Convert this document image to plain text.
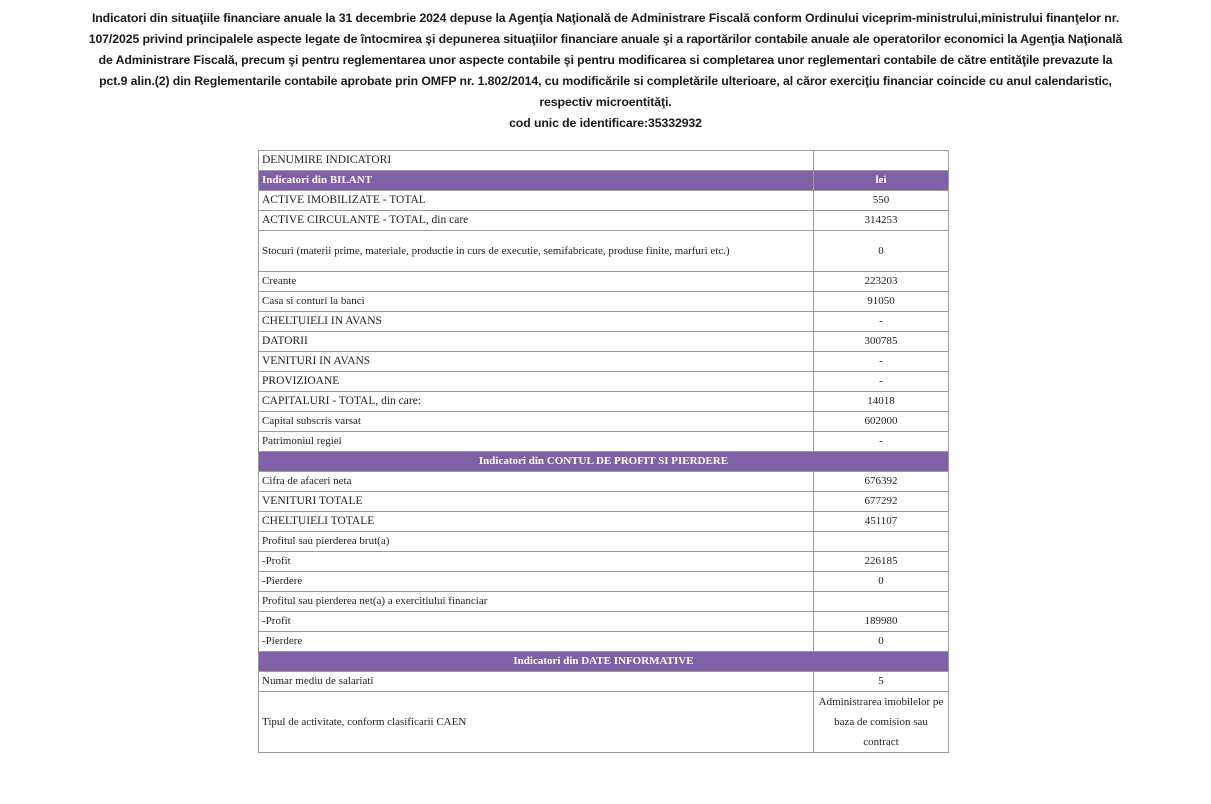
Indicatori din situaţiile financiare anuale la 31 decembrie 2024 depuse la Agenţia Naţională de Administrare Fiscală conform Ordinului viceprim-ministrului,ministrului finanţelor nr.
107/2025 privind principalele aspecte legate de întocmirea şi depunerea situaţiilor financiare anuale şi a raportărilor contabile anuale ale operatorilor economici la Agenţia Naţională
de Administrare Fiscală, precum şi pentru reglementarea unor aspecte contabile şi pentru modificarea si completarea unor reglementari contabile de către entităţile prevazute la
pct.9 alin.(2) din Reglementarile contabile aprobate prin OMFP nr. 1.802/2014, cu modificările si completările ulterioare, al căror exerciţiu financiar coincide cu anul calendaristic,
respectiv microentităţi.
cod unic de identificare:35332932
DENUMIRE INDICATORI	
Indicatori din BILANT	lei
ACTIVE IMOBILIZATE - TOTAL	550
ACTIVE CIRCULANTE - TOTAL, din care	314253
Stocuri (materii prime, materiale, productie in curs de executie, semifabricate, produse finite, marfuri etc.)	0
Creante	223203
Casa si conturi la banci	91050
CHELTUIELI IN AVANS	-
DATORII	300785
VENITURI IN AVANS	-
PROVIZIOANE	-
CAPITALURI - TOTAL, din care:	14018
Capital subscris varsat	602000
Patrimoniul regiei	-
Indicatori din CONTUL DE PROFIT SI PIERDERE	
Cifra de afaceri neta	676392
VENITURI TOTALE	677292
CHELTUIELI TOTALE	451107
Profitul sau pierderea brut(a)	
-Profit	226185
-Pierdere	0
Profitul sau pierderea net(a) a exercitiului financiar	
-Profit	189980
-Pierdere	0
Indicatori din DATE INFORMATIVE	
Numar mediu de salariati	5
Tipul de activitate, conform clasificarii CAEN	Administrarea imobilelor pe baza de comision sau contract
